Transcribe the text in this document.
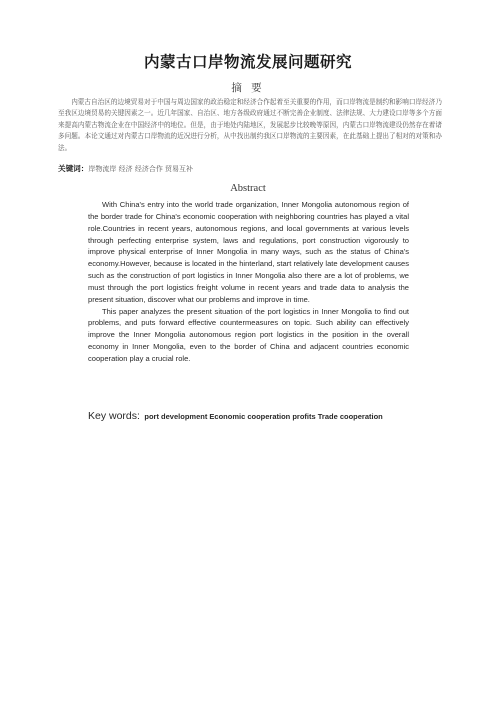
内蒙古口岸物流发展问题研究
摘 要
内蒙古自治区的边境贸易对于中国与周边国家的政治稳定和经济合作起着至关重要的作用，而口岸物流是制约和影响口岸经济乃至我区边境贸易的关键因素之一。近几年国家、自治区、地方各级政府通过不断完善企业制度、法律法规、大力建设口岸等多个方面来提高内蒙古物流企业在中国经济中的地位。但是，由于地处内陆地区，发展起步比较晚等原因，内蒙古口岸物流建设仍然存在着诸多问题。本论文通过对内蒙古口岸物流的近况进行分析，从中找出制约我区口岸物流的主要因素，在此基础上提出了相对的对策和办法。
关键词：岸物流岸 经济 经济合作 贸易互补
Abstract

With China's entry into the world trade organization, Inner Mongolia autonomous region of the border trade for China's economic cooperation with neighboring countries has played a vital role.Countries in recent years, autonomous regions, and local governments at various levels through perfecting enterprise system, laws and regulations, port construction vigorously to improve physical enterprise of Inner Mongolia in many ways, such as the status of China's economy.However, because is located in the hinterland, start relatively late development causes such as the construction of port logistics in Inner Mongolia also there are a lot of problems, we must through the port logistics freight volume in recent years and trade data to analysis the present situation, discover what our problems and improve in time.

This paper analyzes the present situation of the port logistics in Inner Mongolia to find out problems, and puts forward effective countermeasures on topic. Such ability can effectively improve the Inner Mongolia autonomous region port logistics in the position in the overall economy in Inner Mongolia, even to the border of China and adjacent countries economic cooperation play a crucial role.

Key words: port development Economic cooperation profits Trade cooperation
